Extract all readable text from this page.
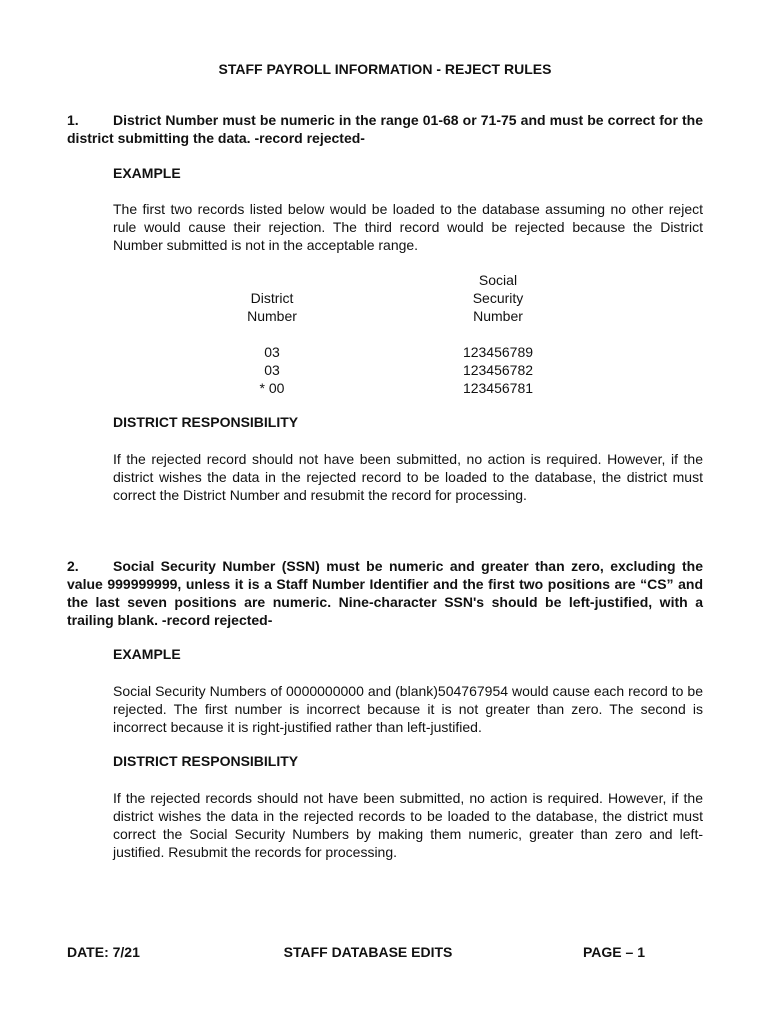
STAFF PAYROLL INFORMATION - REJECT RULES
1. District Number must be numeric in the range 01-68 or 71-75 and must be correct for the district submitting the data. -record rejected-
EXAMPLE
The first two records listed below would be loaded to the database assuming no other reject rule would cause their rejection. The third record would be rejected because the District Number submitted is not in the acceptable range.
District
Number
03
03
* 00
Social
Security
Number
123456789
123456782
123456781
DISTRICT RESPONSIBILITY
If the rejected record should not have been submitted, no action is required. However, if the district wishes the data in the rejected record to be loaded to the database, the district must correct the District Number and resubmit the record for processing.
2. Social Security Number (SSN) must be numeric and greater than zero, excluding the value 999999999, unless it is a Staff Number Identifier and the first two positions are “CS” and the last seven positions are numeric. Nine-character SSN's should be left-justified, with a trailing blank. -record rejected-
EXAMPLE
Social Security Numbers of 0000000000 and (blank)504767954 would cause each record to be rejected. The first number is incorrect because it is not greater than zero. The second is incorrect because it is right-justified rather than left-justified.
DISTRICT RESPONSIBILITY
If the rejected records should not have been submitted, no action is required. However, if the district wishes the data in the rejected records to be loaded to the database, the district must correct the Social Security Numbers by making them numeric, greater than zero and left-justified. Resubmit the records for processing.
DATE: 7/21	STAFF DATABASE EDITS	PAGE – 1
